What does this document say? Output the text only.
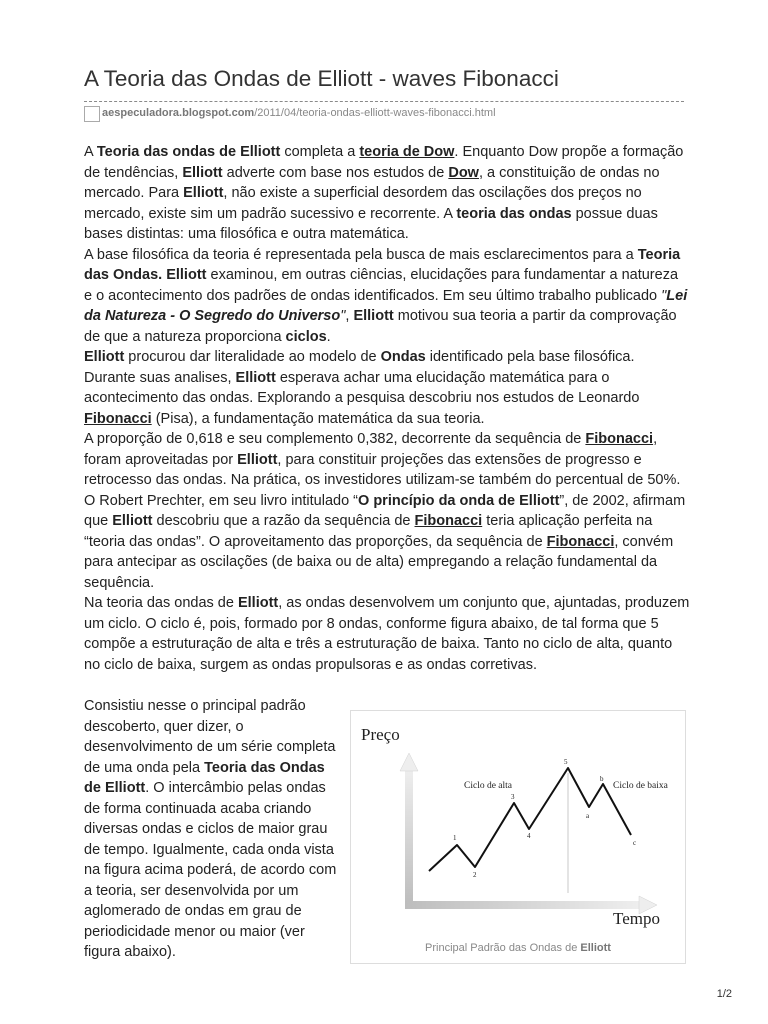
A Teoria das Ondas de Elliott - waves Fibonacci
aespeculadora.blogspot.com/2011/04/teoria-ondas-elliott-waves-fibonacci.html

A Teoria das ondas de Elliott completa a teoria de Dow. Enquanto Dow propõe a formação de tendências, Elliott adverte com base nos estudos de Dow, a constituição de ondas no mercado. Para Elliott, não existe a superficial desordem das oscilações dos preços no mercado, existe sim um padrão sucessivo e recorrente. A teoria das ondas possue duas bases distintas: uma filosófica e outra matemática.

A base filosófica da teoria é representada pela busca de mais esclarecimentos para a Teoria das Ondas. Elliott examinou, em outras ciências, elucidações para fundamentar a natureza e o acontecimento dos padrões de ondas identificados. Em seu último trabalho publicado "Lei da Natureza - O Segredo do Universo", Elliott motivou sua teoria a partir da comprovação de que a natureza proporciona ciclos.

Elliott procurou dar literalidade ao modelo de Ondas identificado pela base filosófica. Durante suas analises, Elliott esperava achar uma elucidação matemática para o acontecimento das ondas. Explorando a pesquisa descobriu nos estudos de Leonardo Fibonacci (Pisa), a fundamentação matemática da sua teoria.

A proporção de 0,618 e seu complemento 0,382, decorrente da sequência de Fibonacci, foram aproveitadas por Elliott, para constituir projeções das extensões de progresso e retrocesso das ondas. Na prática, os investidores utilizam-se também do percentual de 50%.

O Robert Prechter, em seu livro intitulado “O princípio da onda de Elliott”, de 2002, afirmam que Elliott descobriu que a razão da sequência de Fibonacci teria aplicação perfeita na “teoria das ondas”. O aproveitamento das proporções, da sequência de Fibonacci, convém para antecipar as oscilações (de baixa ou de alta) empregando a relação fundamental da sequência.

Na teoria das ondas de Elliott, as ondas desenvolvem um conjunto que, ajuntadas, produzem um ciclo. O ciclo é, pois, formado por 8 ondas, conforme figura abaixo, de tal forma que 5 compõe a estruturação de alta e três a estruturação de baixa. Tanto no ciclo de alta, quanto no ciclo de baixa, surgem as ondas propulsoras e as ondas corretivas.

Consistiu nesse o principal padrão descoberto, quer dizer, o desenvolvimento de um série completa de uma onda pela Teoria das Ondas de Elliott. O intercâmbio pelas ondas de forma continuada acaba criando diversas ondas e ciclos de maior grau de tempo. Igualmente, cada onda vista na figura acima poderá, de acordo com a teoria, ser desenvolvida por um aglomerado de ondas em grau de periodicidade menor ou maior (ver figura abaixo).
Preço
1
2
3
4
5
a
b
c
Ciclo de alta	Ciclo de baixa
Tempo
Principal Padrão das Ondas de Elliott
1/2
